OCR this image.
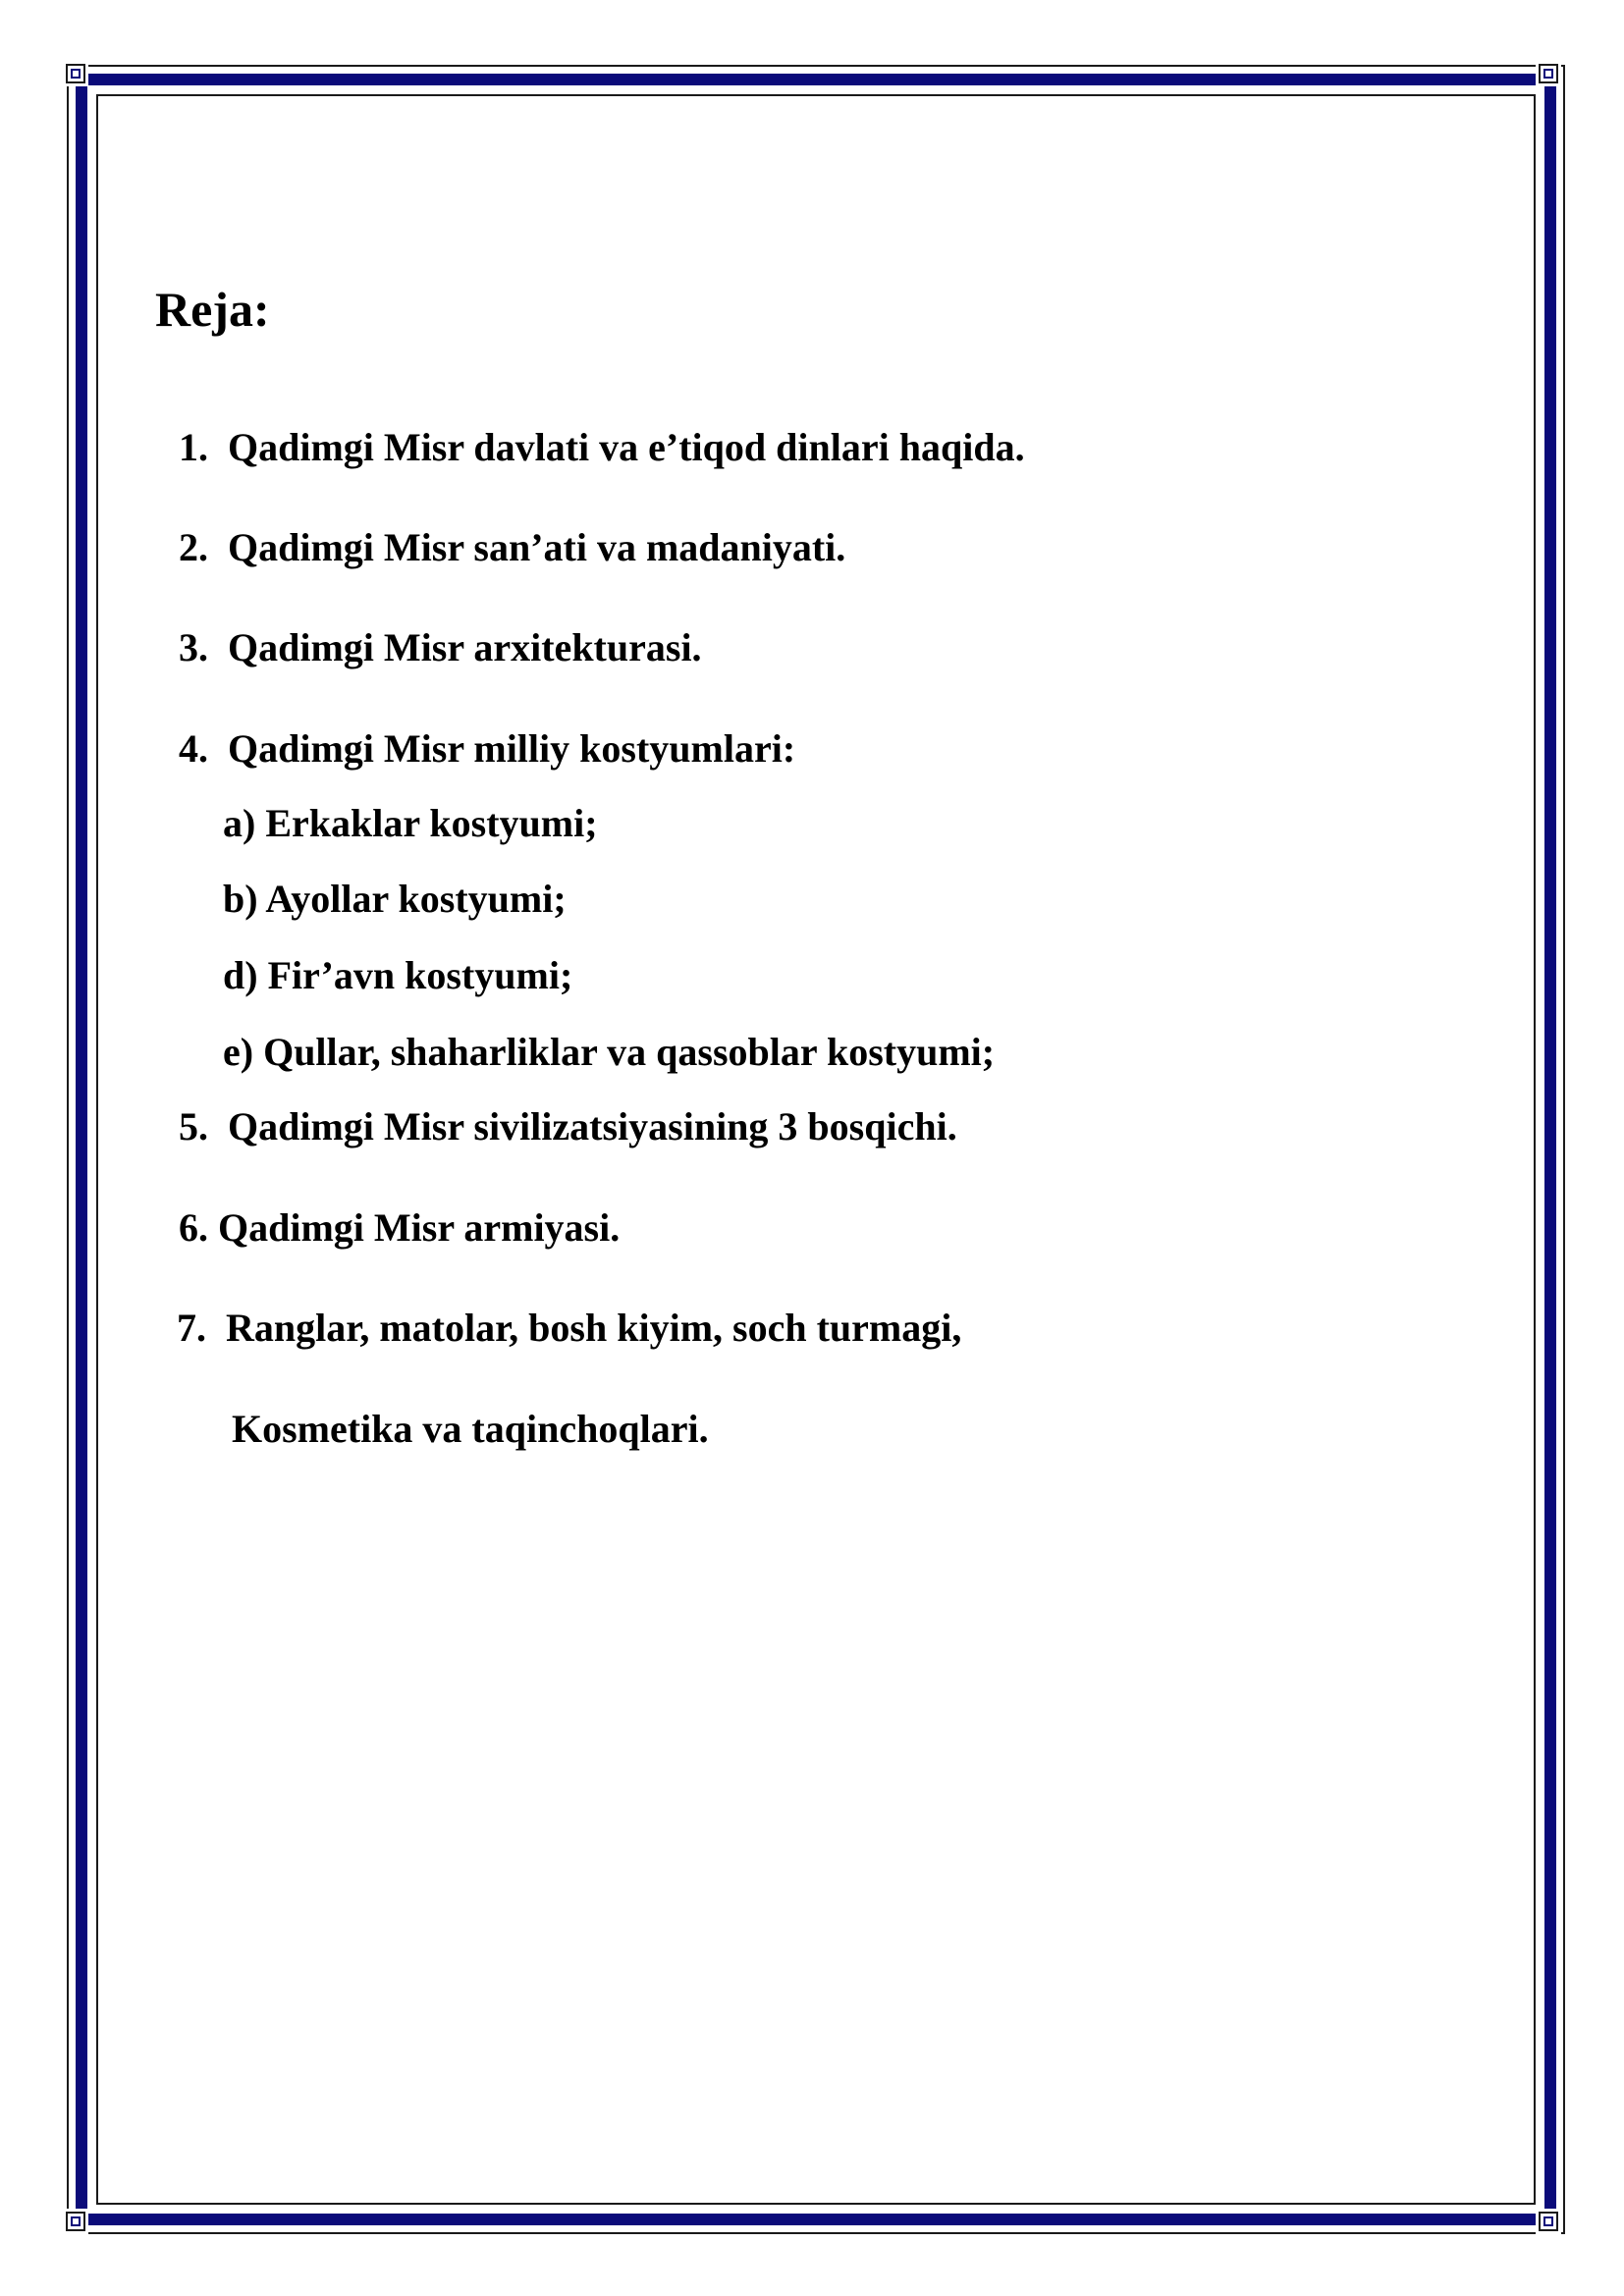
Reja:

1. Qadimgi Misr davlati va e’tiqod dinlari haqida.

2. Qadimgi Misr san’ati va madaniyati.

3. Qadimgi Misr arxitekturasi.

4. Qadimgi Misr milliy kostyumlari:

a) Erkaklar kostyumi;

b) Ayollar kostyumi;

d) Fir’avn kostyumi;

e) Qullar, shaharliklar va qassoblar kostyumi;

5. Qadimgi Misr sivilizatsiyasining 3 bosqichi.

6. Qadimgi Misr armiyasi.

7. Ranglar, matolar, bosh kiyim, soch turmagi,

Kosmetika va taqinchoqlari.
